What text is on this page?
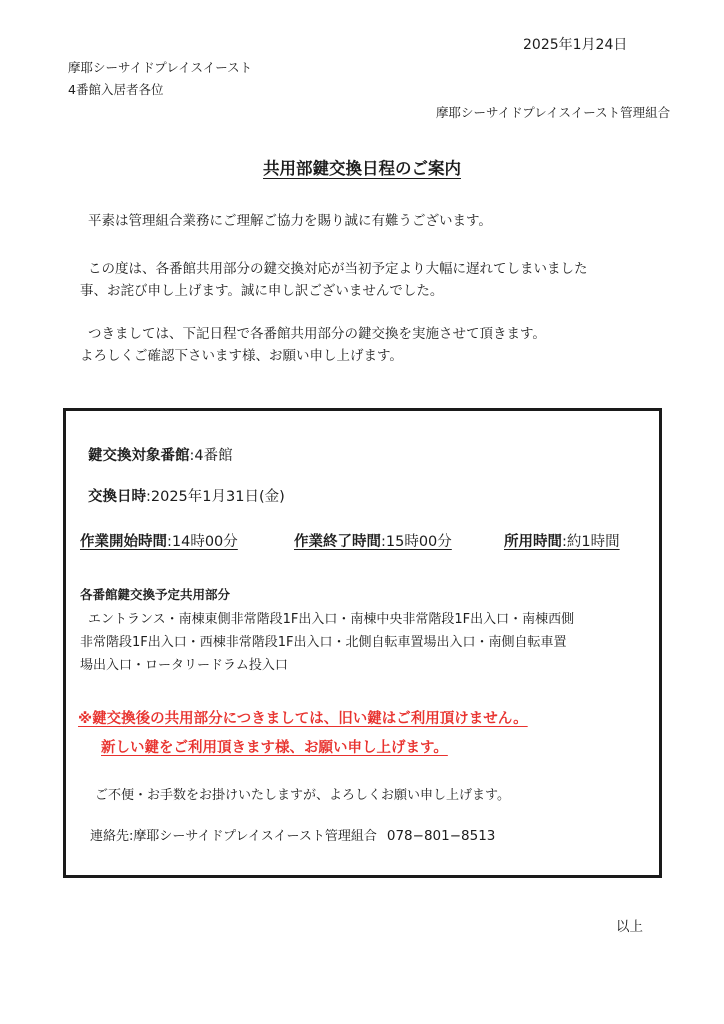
2025年1月24日
摩耶シーサイドプレイスイースト
4番館入居者各位
摩耶シーサイドプレイスイースト管理組合
共用部鍵交換日程のご案内
平素は管理組合業務にご理解ご協力を賜り誠に有難うございます。
この度は、各番館共用部分の鍵交換対応が当初予定より大幅に遅れてしまいました
事、お詫び申し上げます。誠に申し訳ございませんでした。
つきましては、下記日程で各番館共用部分の鍵交換を実施させて頂きます。
よろしくご確認下さいます様、お願い申し上げます。
鍵交換対象番館:4番館
交換日時:2025年1月31日(金)
作業開始時間:14時00分	作業終了時間:15時00分	所用時間:約1時間
各番館鍵交換予定共用部分
エントランス・南棟東側非常階段1F出入口・南棟中央非常階段1F出入口・南棟西側
非常階段1F出入口・西棟非常階段1F出入口・北側自転車置場出入口・南側自転車置
場出入口・ロータリードラム投入口
※鍵交換後の共用部分につきましては、旧い鍵はご利用頂けません。
新しい鍵をご利用頂きます様、お願い申し上げます。
ご不便・お手数をお掛けいたしますが、よろしくお願い申し上げます。
連絡先:摩耶シーサイドプレイスイースト管理組合 078−801−8513
以上
